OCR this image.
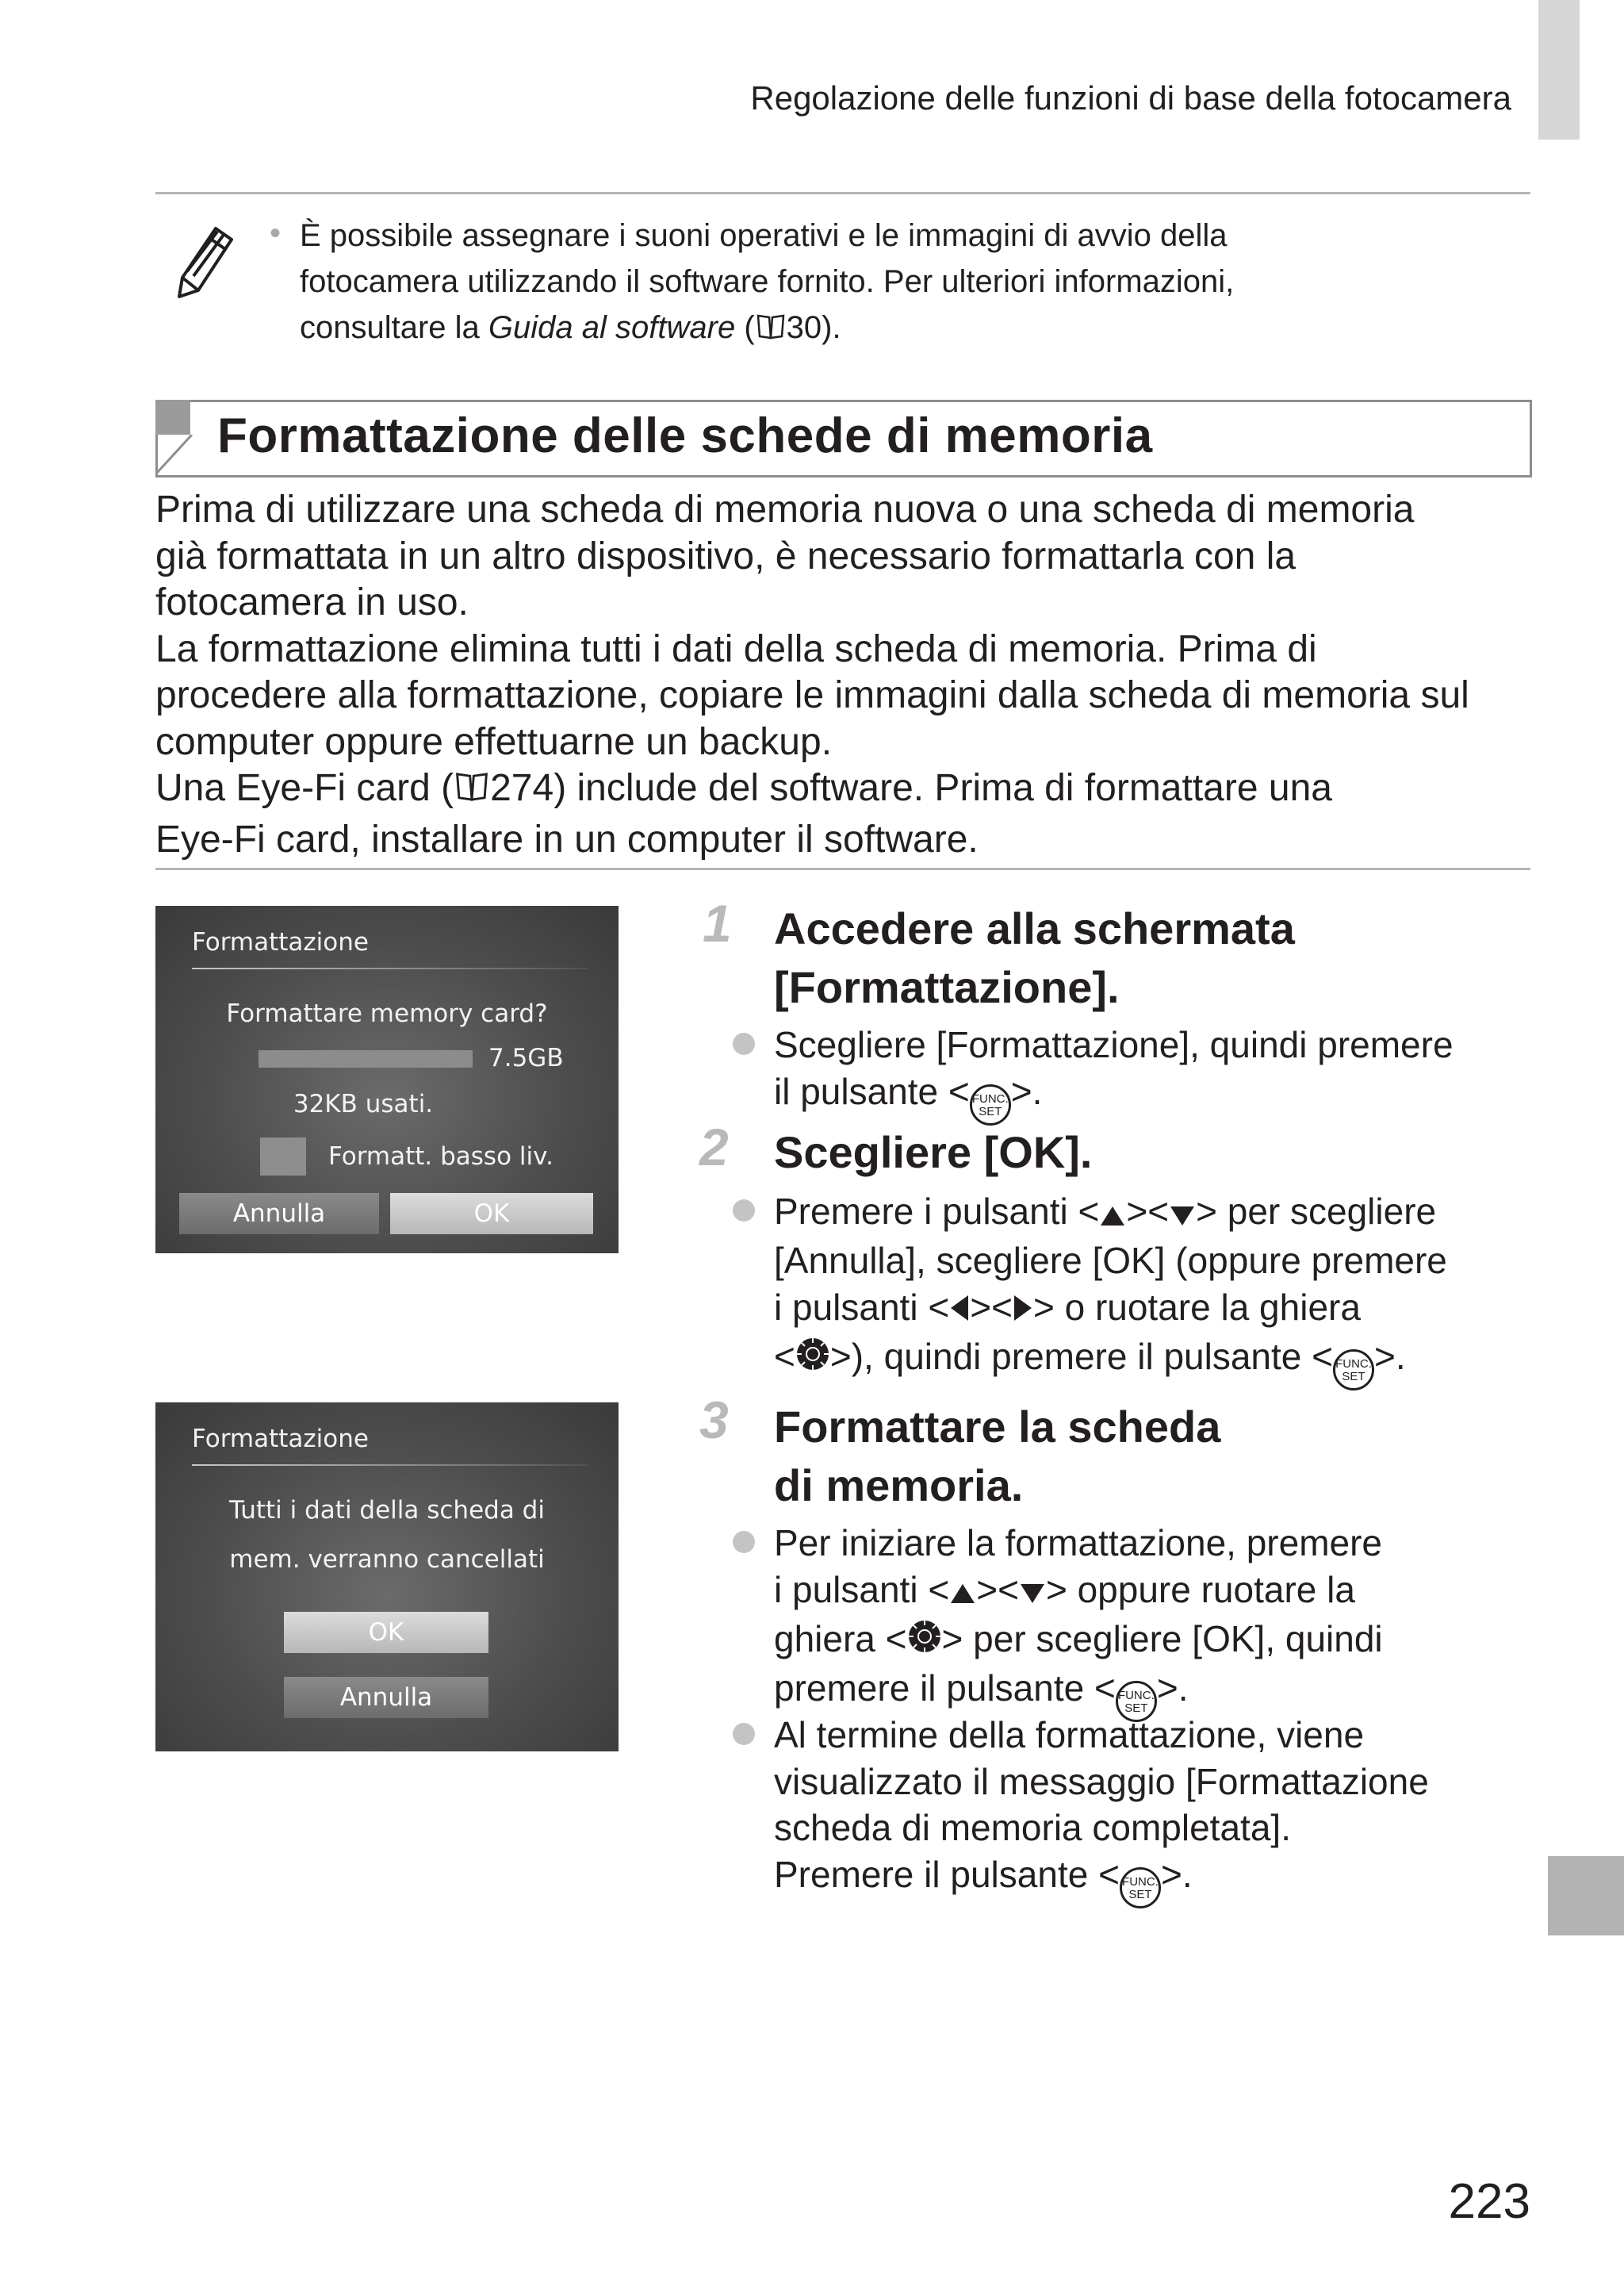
Regolazione delle funzioni di base della fotocamera
• È possibile assegnare i suoni operativi e le immagini di avvio della
fotocamera utilizzando il software fornito. Per ulteriori informazioni,
consultare la Guida al software ( 30).
Formattazione delle schede di memoria
Prima di utilizzare una scheda di memoria nuova o una scheda di memoria
già formattata in un altro dispositivo, è necessario formattarla con la
fotocamera in uso.
La formattazione elimina tutti i dati della scheda di memoria. Prima di
procedere alla formattazione, copiare le immagini dalla scheda di memoria sul
computer oppure effettuarne un backup.
Una Eye-Fi card ( 274) include del software. Prima di formattare una
Eye-Fi card, installare in un computer il software.
Formattazione
Formattare memory card?
7.5GB
32KB usati.
Formatt. basso liv.
Annulla	OK
Formattazione
Tutti i dati della scheda di
mem. verranno cancellati
OK
Annulla
1 Accedere alla schermata
[Formattazione].
Scegliere [Formattazione], quindi premere
il pulsante < FUNC.
SET >.
2 Scegliere [OK].
Premere i pulsanti < >< > per scegliere
[Annulla], scegliere [OK] (oppure premere
i pulsanti < >< > o ruotare la ghiera
< >), quindi premere il pulsante < FUNC.
SET >.
3 Formattare la scheda
di memoria.
Per iniziare la formattazione, premere
i pulsanti < >< > oppure ruotare la
ghiera < > per scegliere [OK], quindi
premere il pulsante < FUNC.
SET >.
Al termine della formattazione, viene
visualizzato il messaggio [Formattazione
scheda di memoria completata].
Premere il pulsante < FUNC.
SET >.
223
